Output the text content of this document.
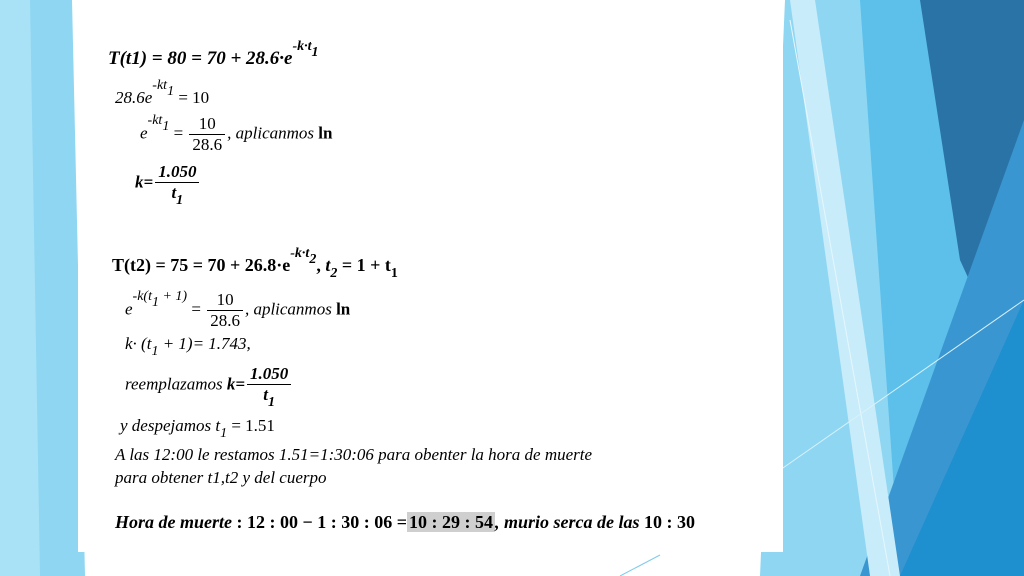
$T(t1) = 80 = 70 + 28.6\cdot e^{-k\cdot t1}$
$28.6e^{-kt1} = 10$
$e^{-kt1} = \frac{10}{28.6}$ , aplicanmos ln
$k= \frac{1.050}{t_1}$
$T(t2) = 75 = 70 + 26.8\cdot e^{-k\cdot t2}$, $t_2 = 1 + t_1$
$e^{-k(t1 + 1)} = \frac{10}{28.6}$ , aplicanmos ln
$k\cdot (t_1 + 1)= 1.743$,
reemplazamos $k= \frac{1.050}{t_1}$
y despejamos $t_1 = 1.51$
A las 12:00 le restamos 1.51=1:30:06 para obenter la hora de muerte
para obtener t1,t2 y del cuerpo
Hora de muerte : 12 : 00 − 1 : 30 : 06 = 10 : 29 : 54 , murio serca de las 10 : 30
